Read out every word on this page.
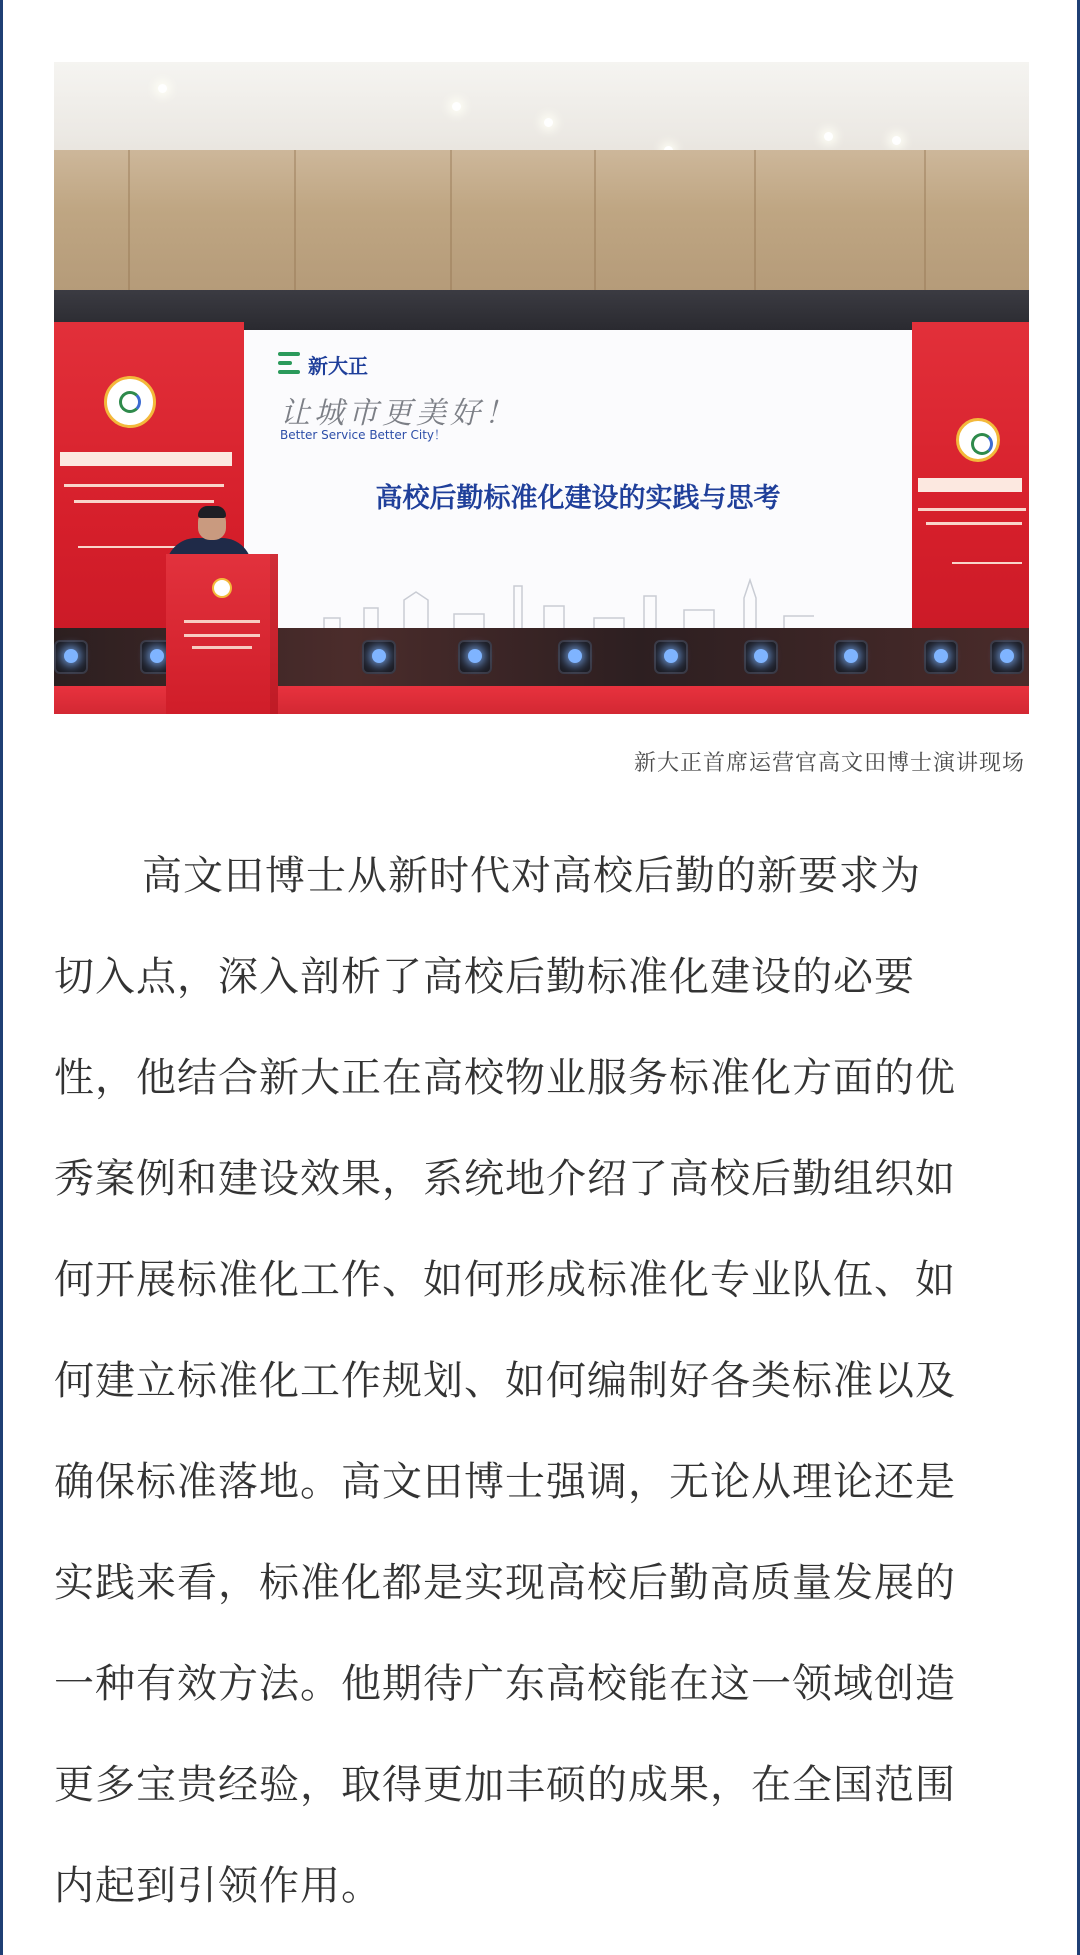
新大正
让城市更美好！
Better Service Better City！
高校后勤标准化建设的实践与思考
新大正首席运营官高文田博士演讲现场
高文田博士从新时代对高校后勤的新要求为
切入点，深入剖析了高校后勤标准化建设的必要
性，他结合新大正在高校物业服务标准化方面的优
秀案例和建设效果，系统地介绍了高校后勤组织如
何开展标准化工作、如何形成标准化专业队伍、如
何建立标准化工作规划、如何编制好各类标准以及
确保标准落地。高文田博士强调，无论从理论还是
实践来看，标准化都是实现高校后勤高质量发展的
一种有效方法。他期待广东高校能在这一领域创造
更多宝贵经验，取得更加丰硕的成果，在全国范围
内起到引领作用。
